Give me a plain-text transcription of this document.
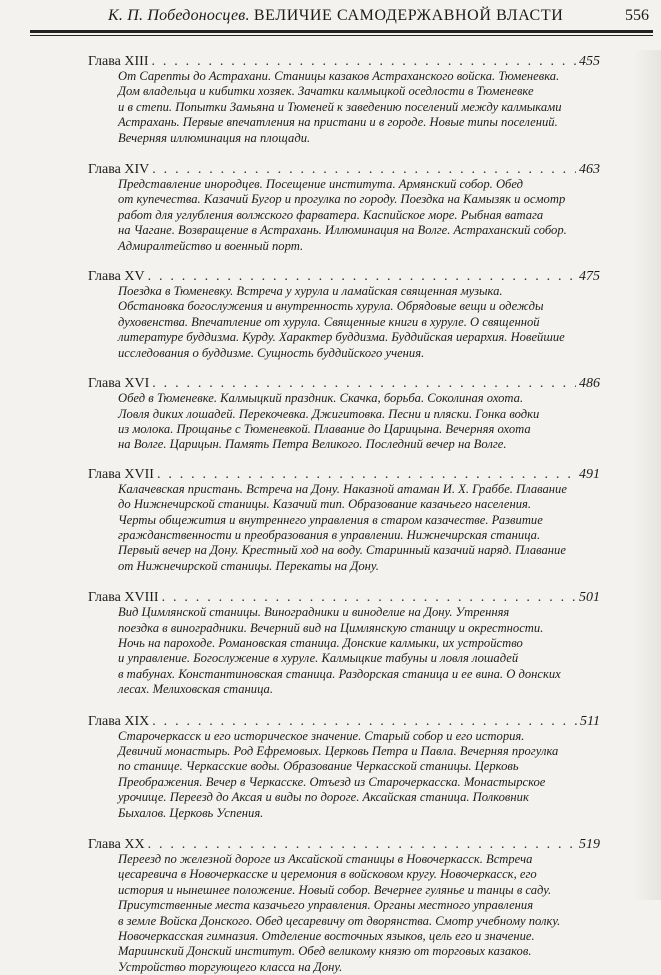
К. П. Победоносцев. ВЕЛИЧИЕ САМОДЕРЖАВНОЙ ВЛАСТИ	556
Глава XIII . . .	455

От Сарепты до Астрахани. Станицы казаков Астраханского войска. Тюменевка.
Дом владельца и кибитки хозяек. Зачатки калмыцкой оседлости в Тюменевке
и в степи. Попытки Замьяна и Тюменей к заведению поселений между калмыками
Астрахань. Первые впечатления на пристани и в городе. Новые типы поселений.
Вечерняя иллюминация на площади.

Глава XIV . . .	463

Представление инородцев. Посещение института. Армянский собор. Обед
от купечества. Казачий Бугор и прогулка по городу. Поездка на Камызяк и осмотр
работ для углубления волжского фарватера. Каспийское море. Рыбная ватага
на Чагане. Возвращение в Астрахань. Иллюминация на Волге. Астраханский собор.
Адмиралтейство и военный порт.

Глава XV . . .	475

Поездка в Тюменевку. Встреча у хурула и ламайская священная музыка.
Обстановка богослужения и внутренность хурула. Обрядовые вещи и одежды
духовенства. Впечатление от хурула. Священные книги в хуруле. О священной
литературе буддизма. Курду. Характер буддизма. Буддийская иерархия. Новейшие
исследования о буддизме. Сущность буддийского учения.

Глава XVI . . .	486

Обед в Тюменевке. Калмыцкий праздник. Скачка, борьба. Соколиная охота.
Ловля диких лошадей. Перекочевка. Джигитовка. Песни и пляски. Гонка водки
из молока. Прощанье с Тюменевкой. Плавание до Царицына. Вечерняя охота
на Волге. Царицын. Память Петра Великого. Последний вечер на Волге.

Глава XVII . . .	491

Калачевская пристань. Встреча на Дону. Наказной атаман И. Х. Граббе. Плавание
до Нижнечирской станицы. Казачий тип. Образование казачьего населения.
Черты общежития и внутреннего управления в старом казачестве. Развитие
гражданственности и преобразования в управлении. Нижнечирская станица.
Первый вечер на Дону. Крестный ход на воду. Старинный казачий наряд. Плавание
от Нижнечирской станицы. Перекаты на Дону.

Глава XVIII . . .	501

Вид Цимлянской станицы. Виноградники и виноделие на Дону. Утренняя
поездка в виноградники. Вечерний вид на Цимлянскую станицу и окрестности.
Ночь на пароходе. Романовская станица. Донские калмыки, их устройство
и управление. Богослужение в хуруле. Калмыцкие табуны и ловля лошадей
в табунах. Константиновская станица. Раздорская станица и ее вина. О донских
лесах. Мелиховская станица.

Глава XIX . . .	511

Старочеркасск и его историческое значение. Старый собор и его история.
Девичий монастырь. Род Ефремовых. Церковь Петра и Павла. Вечерняя прогулка
по станице. Черкасские воды. Образование Черкасской станицы. Церковь
Преображения. Вечер в Черкасске. Отъезд из Старочеркасска. Монастырское
урочище. Переезд до Аксая и виды по дороге. Аксайская станица. Полковник
Быхалов. Церковь Успения.

Глава XX . . .	519

Переезд по железной дороге из Аксайской станицы в Новочеркасск. Встреча
цесаревича в Новочеркасске и церемония в войсковом кругу. Новочеркасск, его
история и нынешнее положение. Новый собор. Вечернее гулянье и танцы в саду.
Присутственные места казачьего управления. Органы местного управления
в земле Войска Донского. Обед цесаревичу от дворянства. Смотр учебному полку.
Новочеркасская гимназия. Отделение восточных языков, цель его и значение.
Мариинский Донский институт. Обед великому князю от торговых казаков.
Устройство торгующего класса на Дону.
